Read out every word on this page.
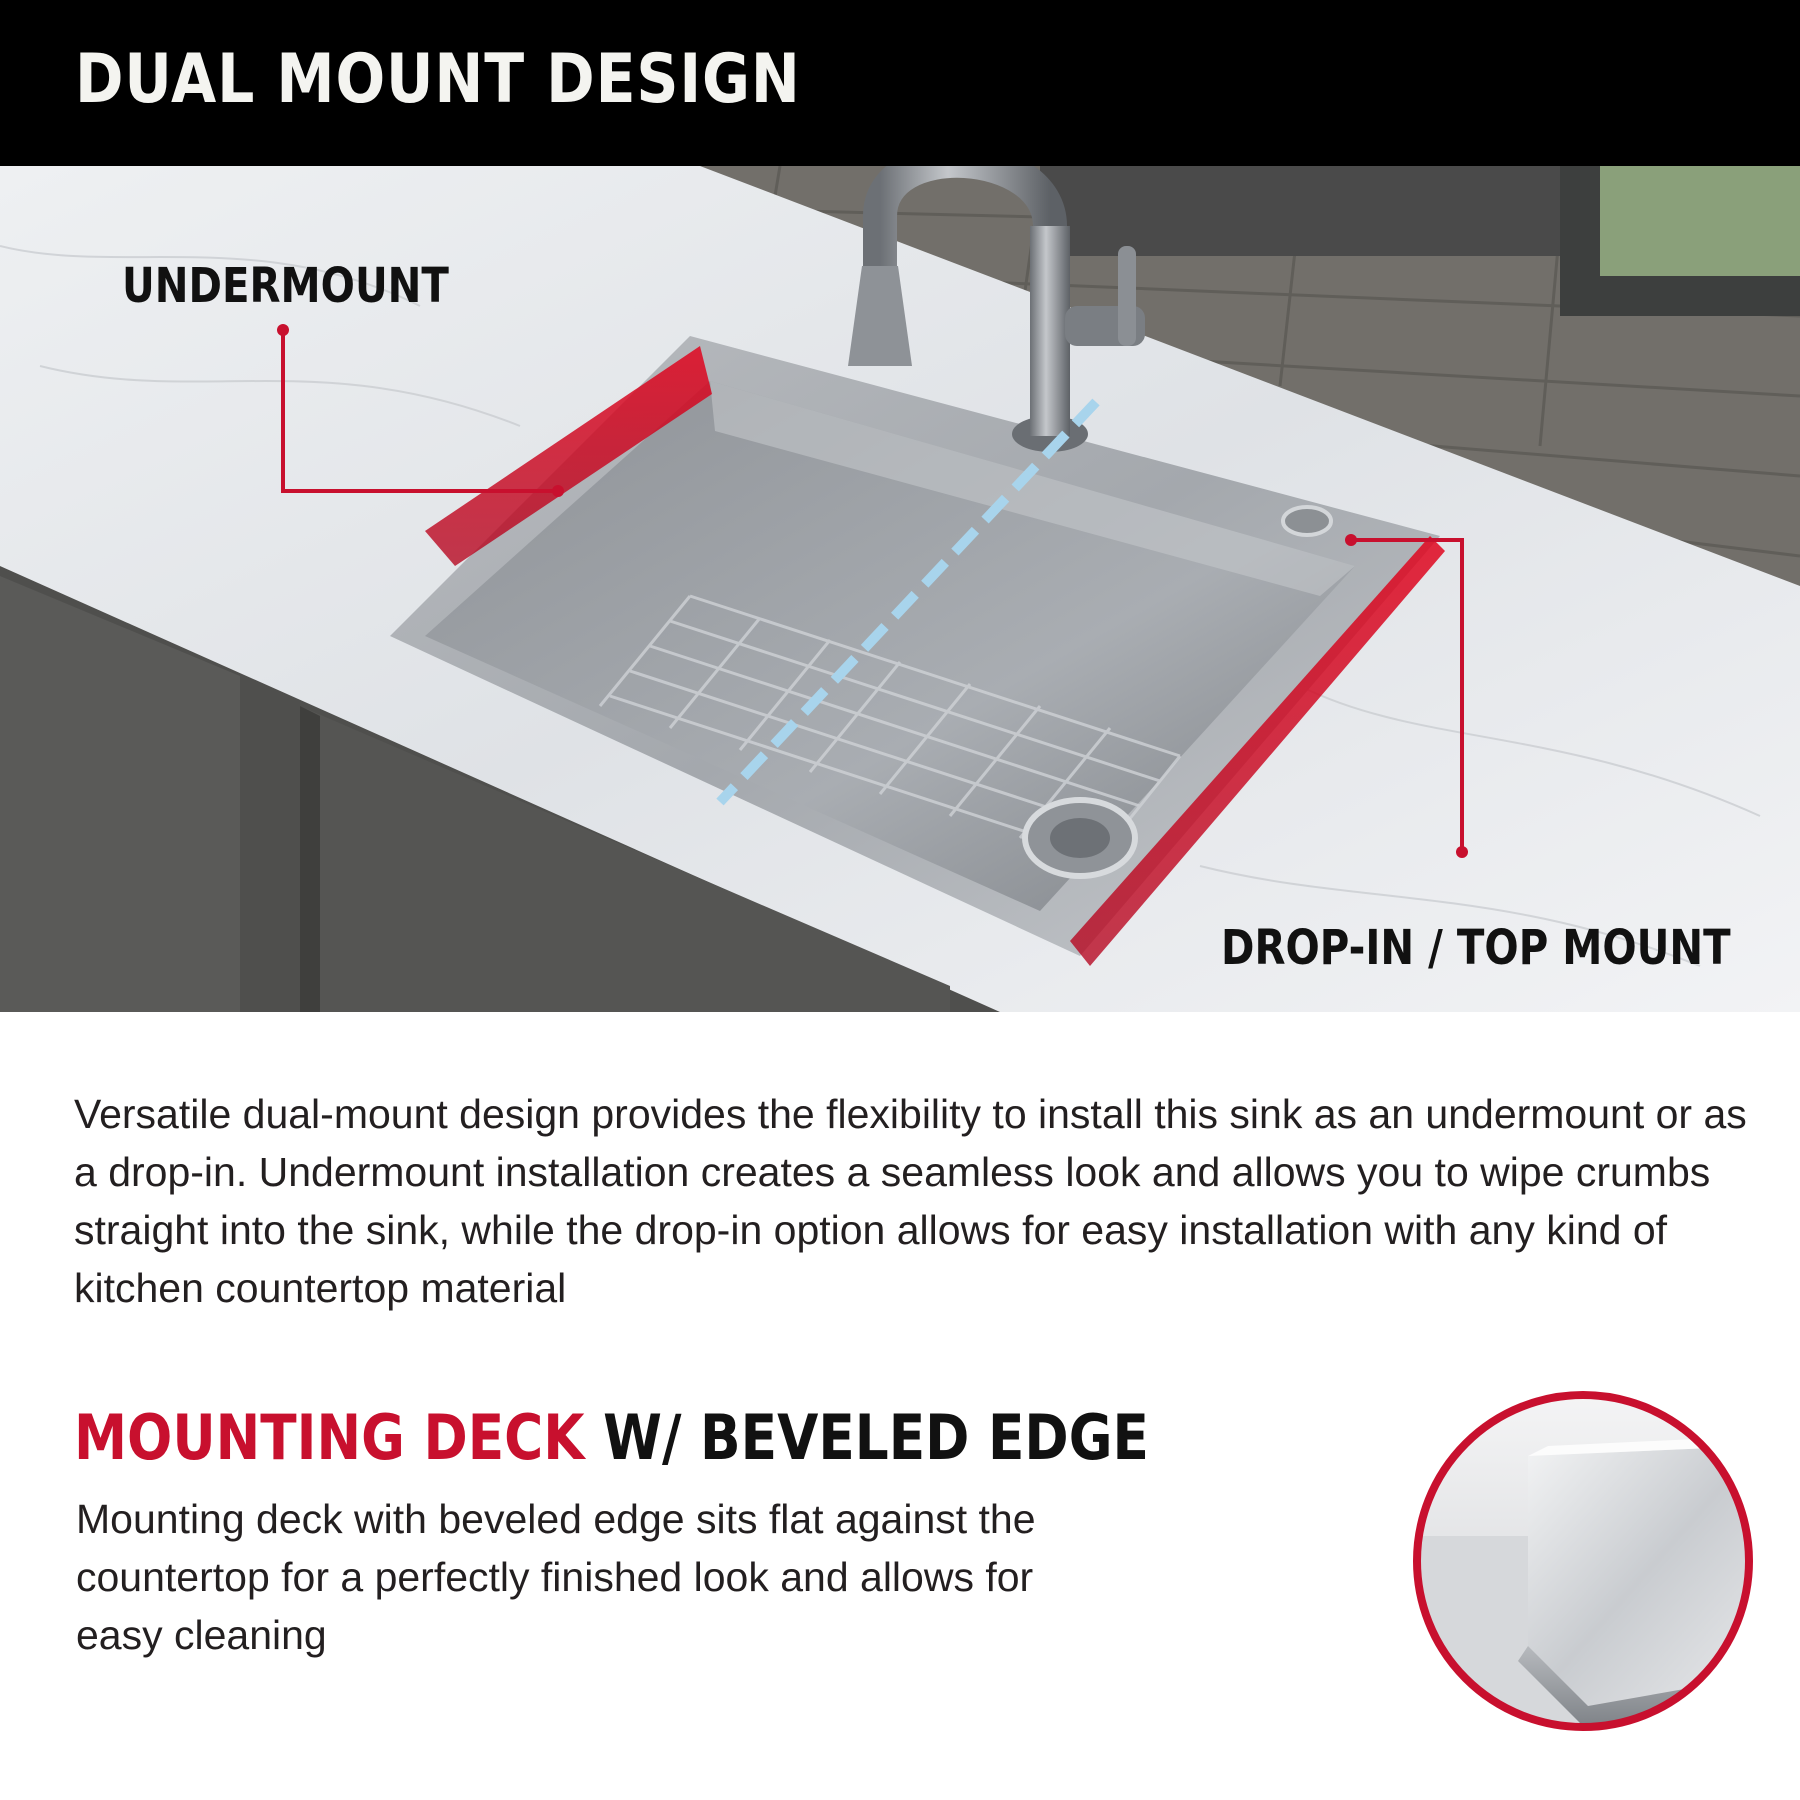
DUAL MOUNT DESIGN

UNDERMOUNT

DROP-IN / TOP MOUNT

Versatile dual-mount design provides the flexibility to install this sink as an undermount or as a drop-in. Undermount installation creates a seamless look and allows you to wipe crumbs straight into the sink, while the drop-in option allows for easy installation with any kind of kitchen countertop material

MOUNTING DECK W/ BEVELED EDGE

Mounting deck with beveled edge sits flat against the countertop for a perfectly finished look and allows for easy cleaning
